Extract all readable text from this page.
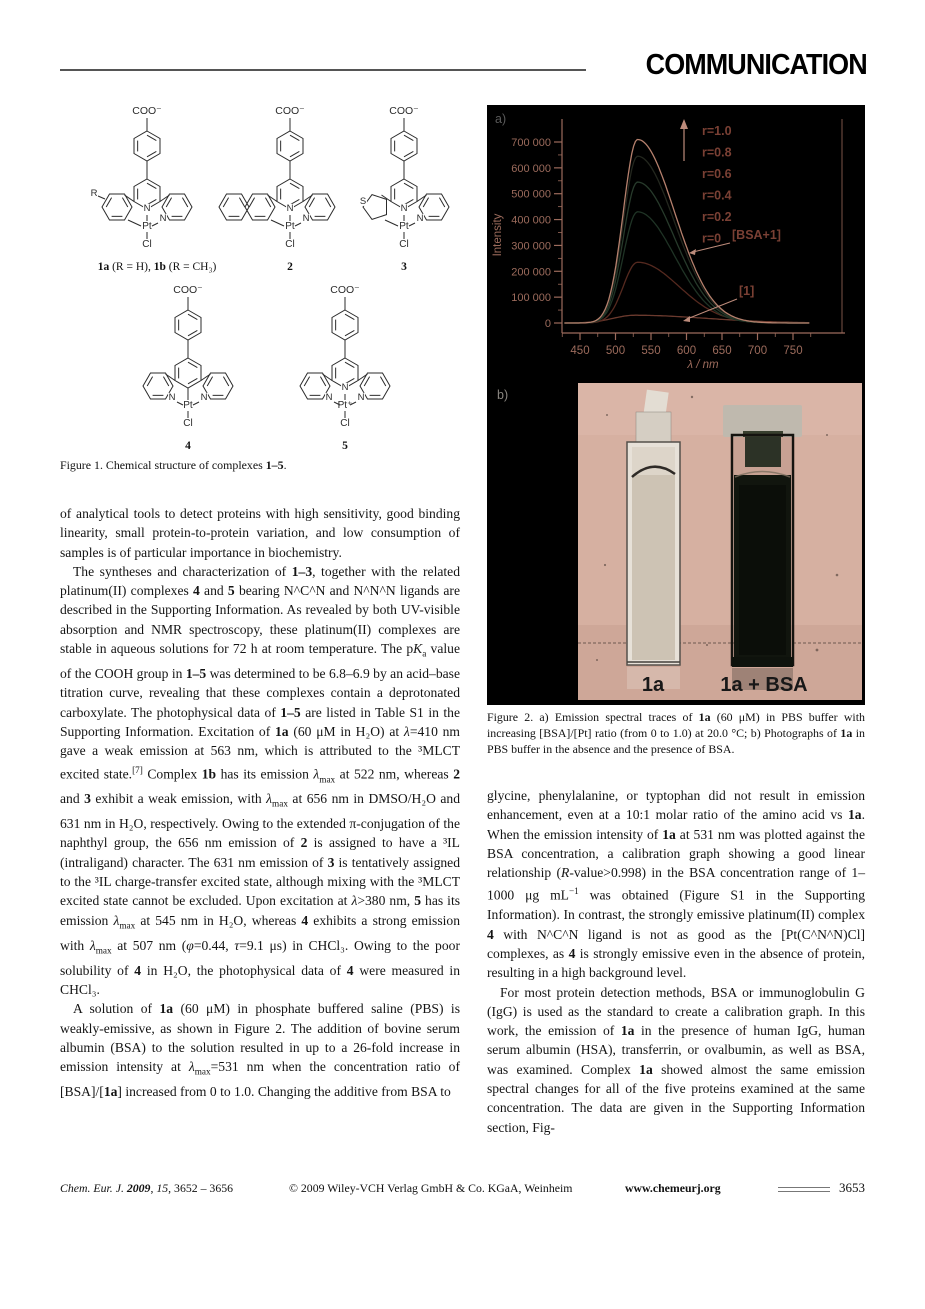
COMMUNICATION
COO⁻
N
R
N
Pt
Cl
1a (R = H), 1b (R = CH₃)
COO⁻
N
N
Pt
Cl
2
COO⁻
N
S
N
Pt
Cl
3
COO⁻
N	N
Pt
Cl
4
COO⁻
N
N	N
Pt⁺
Cl
5
Figure 1. Chemical structure of complexes 1–5.

of analytical tools to detect proteins with high sensitivity, good binding linearity, small protein-to-protein variation, and low consumption of samples is of particular importance in biochemistry.

The syntheses and characterization of 1–3, together with the related platinum(II) complexes 4 and 5 bearing N^C^N and N^N^N ligands are described in the Supporting Information. As revealed by both UV-visible absorption and NMR spectroscopy, these platinum(II) complexes are stable in aqueous solutions for 72 h at room temperature. The $pK_a$ value of the COOH group in 1–5 was determined to be 6.8–6.9 by an acid–base titration curve, revealing that these complexes contain a deprotonated carboxylate. The photophysical data of 1–5 are listed in Table S1 in the Supporting Information. Excitation of 1a (60 μM in H₂O) at λ=410 nm gave a weak emission at 563 nm, which is attributed to the ³MLCT excited state.[7] Complex 1b has its emission $\lambda_{max}$ at 522 nm, whereas 2 and 3 exhibit a weak emission, with $\lambda_{max}$ at 656 nm in DMSO/H₂O and 631 nm in H₂O, respectively. Owing to the extended π-conjugation of the naphthyl group, the 656 nm emission of 2 is assigned to have a ³IL (intraligand) character. The 631 nm emission of 3 is tentatively assigned to the ³IL charge-transfer excited state, although mixing with the ³MLCT excited state cannot be excluded. Upon excitation at λ>380 nm, 5 has its emission $\lambda_{max}$ at 545 nm in H₂O, whereas 4 exhibits a strong emission with $\lambda_{max}$ at 507 nm (φ=0.44, τ=9.1 μs) in CHCl₃. Owing to the poor solubility of 4 in H₂O, the photophysical data of 4 were measured in CHCl₃.

A solution of 1a (60 μM) in phosphate buffered saline (PBS) is weakly-emissive, as shown in Figure 2. The addition of bovine serum albumin (BSA) to the solution resulted in up to a 26-fold increase in emission intensity at $\lambda_{max}=531$ nm when the concentration ratio of [BSA]/[1a] increased from 0 to 1.0. Changing the additive from BSA to

a)
0
100 000
200 000
300 000
400 000
500 000
600 000
700 000
450 500 550 600 650 700 750
Intensity
λ / nm
r=1.0
r=0.8
r=0.6
r=0.4
r=0.2
r=0 [BSA+1]
[1]
b)
1a	1a + BSA
Figure 2. a) Emission spectral traces of 1a (60 μM) in PBS buffer with increasing [BSA]/[Pt] ratio (from 0 to 1.0) at 20.0 °C; b) Photographs of 1a in PBS buffer in the absence and the presence of BSA.

glycine, phenylalanine, or typtophan did not result in emission enhancement, even at a 10:1 molar ratio of the amino acid vs 1a. When the emission intensity of 1a at 531 nm was plotted against the BSA concentration, a calibration graph showing a good linear relationship (R-value>0.998) in the BSA concentration range of 1–1000 μg $mL^{-1}$ was obtained (Figure S1 in the Supporting Information). In contrast, the strongly emissive platinum(II) complex 4 with N^C^N ligand is not as good as the [Pt(C^N^N)Cl] complexes, as 4 is strongly emissive even in the absence of protein, resulting in a high background level.

For most protein detection methods, BSA or immunoglobulin G (IgG) is used as the standard to create a calibration graph. In this work, the emission of 1a in the presence of human IgG, human serum albumin (HSA), transferrin, or ovalbumin, as well as BSA, was examined. Complex 1a showed almost the same emission spectral changes for all of the five proteins examined at the same concentration. The data are given in the Supporting Information section, Fig-

Chem. Eur. J. 2009, 15, 3652 – 3656	© 2009 Wiley-VCH Verlag GmbH & Co. KGaA, Weinheim	www.chemeurj.org	3653
